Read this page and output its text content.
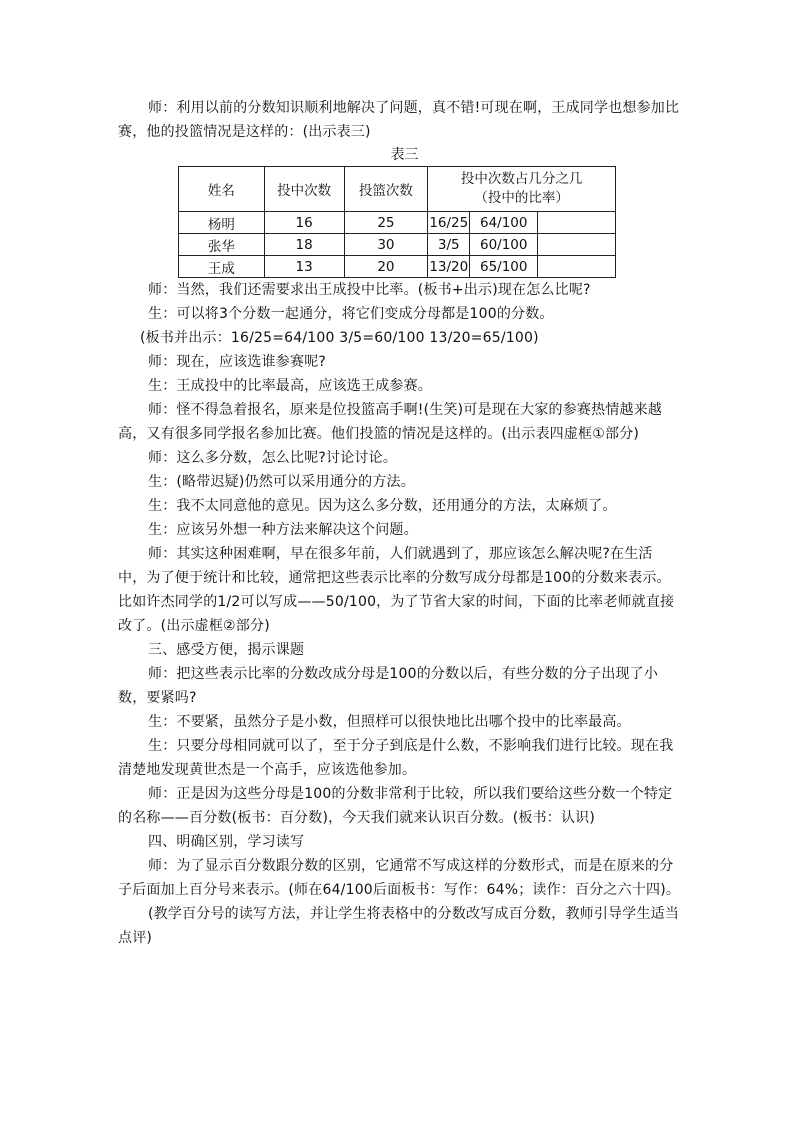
师：利用以前的分数知识顺利地解决了问题，真不错!可现在啊，王成同学也想参加比赛，他的投篮情况是这样的：(出示表三)

表三

姓名	投中次数	投篮次数	投中次数占几分之几
（投中的比率）		

杨明	16	25	16/25	64/100	
张华	18	30	3/5	60/100	
王成	13	20	13/20	65/100	

师：当然，我们还需要求出王成投中比率。(板书+出示)现在怎么比呢?

生：可以将3个分数一起通分，将它们变成分母都是100的分数。

(板书并出示：16/25=64/100 3/5=60/100 13/20=65/100)

师：现在，应该选谁参赛呢?

生：王成投中的比率最高，应该选王成参赛。

师：怪不得急着报名，原来是位投篮高手啊!(生笑)可是现在大家的参赛热情越来越高，又有很多同学报名参加比赛。他们投篮的情况是这样的。(出示表四虚框①部分)

师：这么多分数，怎么比呢?讨论讨论。

生：(略带迟疑)仍然可以采用通分的方法。

生：我不太同意他的意见。因为这么多分数，还用通分的方法，太麻烦了。

生：应该另外想一种方法来解决这个问题。

师：其实这种困难啊，早在很多年前，人们就遇到了，那应该怎么解决呢?在生活中，为了便于统计和比较，通常把这些表示比率的分数写成分母都是100的分数来表示。比如许杰同学的1/2可以写成——50/100，为了节省大家的时间，下面的比率老师就直接改了。(出示虚框②部分)

三、感受方便，揭示课题

师：把这些表示比率的分数改成分母是100的分数以后，有些分数的分子出现了小数，要紧吗?

生：不要紧，虽然分子是小数，但照样可以很快地比出哪个投中的比率最高。

生：只要分母相同就可以了，至于分子到底是什么数，不影响我们进行比较。现在我清楚地发现黄世杰是一个高手，应该选他参加。

师：正是因为这些分母是100的分数非常利于比较，所以我们要给这些分数一个特定的名称——百分数(板书：百分数)，今天我们就来认识百分数。(板书：认识)

四、明确区别，学习读写

师：为了显示百分数跟分数的区别，它通常不写成这样的分数形式，而是在原来的分子后面加上百分号来表示。(师在64/100后面板书：写作：64%；读作：百分之六十四)。

(教学百分号的读写方法，并让学生将表格中的分数改写成百分数，教师引导学生适当点评)
